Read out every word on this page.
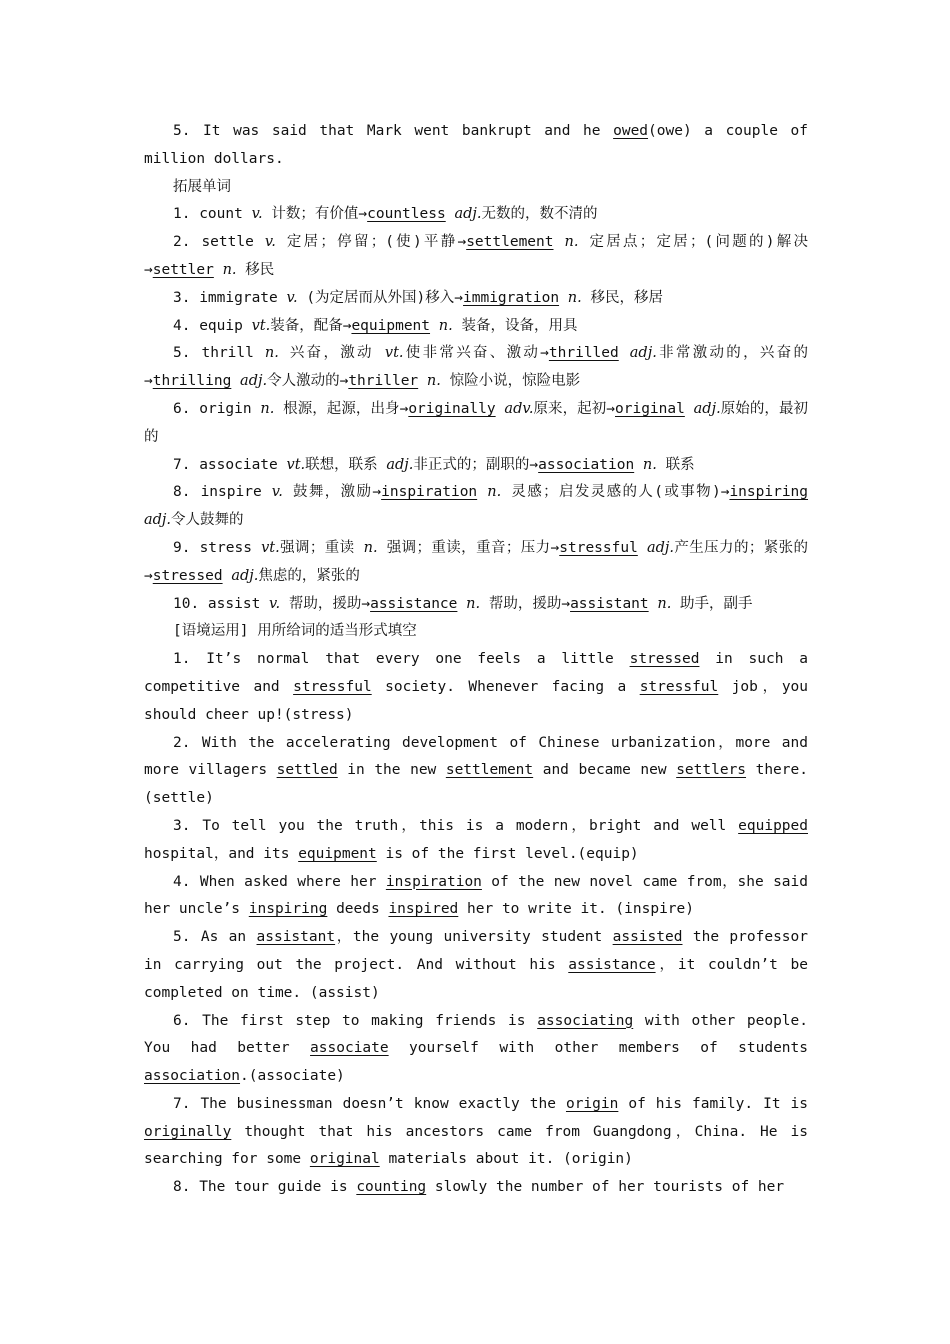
5. It was said that Mark went bankrupt and he owed(owe) a couple of million dollars.

拓展单词

1. count v. 计数；有价值→countless adj.无数的，数不清的

2. settle v. 定居；停留；(使)平静→settlement n. 定居点；定居；(问题的)解决→settler n. 移民

3. immigrate v. (为定居而从外国)移入→immigration n. 移民，移居

4. equip vt.装备，配备→equipment n. 装备，设备，用具

5. thrill n. 兴奋，激动 vt.使非常兴奋、激动→thrilled adj.非常激动的，兴奋的→thrilling adj.令人激动的→thriller n. 惊险小说，惊险电影

6. origin n. 根源，起源，出身→originally adv.原来，起初→original adj.原始的，最初的

7. associate vt.联想，联系 adj.非正式的；副职的→association n. 联系

8. inspire v. 鼓舞，激励→inspiration n. 灵感；启发灵感的人(或事物)→inspiring adj.令人鼓舞的

9. stress vt.强调；重读 n. 强调；重读，重音；压力→stressful adj.产生压力的；紧张的→stressed adj.焦虑的，紧张的

10. assist v. 帮助，援助→assistance n. 帮助，援助→assistant n. 助手，副手

[语境运用] 用所给词的适当形式填空

1. It’s normal that every one feels a little stressed in such a competitive and stressful society. Whenever facing a stressful job，you should cheer up!(stress)

2. With the accelerating development of Chinese urbanization，more and more villagers settled in the new settlement and became new settlers there. (settle)

3. To tell you the truth，this is a modern，bright and well equipped hospital，and its equipment is of the first level.(equip)

4. When asked where her inspiration of the new novel came from，she said her uncle’s inspiring deeds inspired her to write it. (inspire)

5. As an assistant，the young university student assisted the professor in carrying out the project. And without his assistance，it couldn’t be completed on time. (assist)

6. The first step to making friends is associating with other people. You had better associate yourself with other members of students association.(associate)

7. The businessman doesn’t know exactly the origin of his family. It is originally thought that his ancestors came from Guangdong，China. He is searching for some original materials about it. (origin)

8. The tour guide is counting slowly the number of her tourists of her
